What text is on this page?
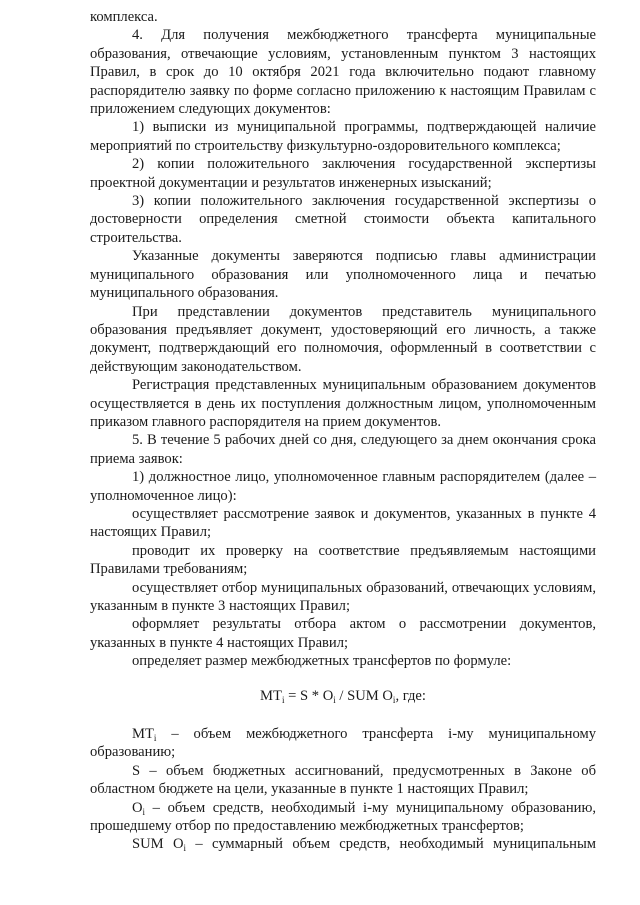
комплекса.

4. Для получения межбюджетного трансферта муниципальные образования, отвечающие условиям, установленным пунктом 3 настоящих Правил, в срок до 10 октября 2021 года включительно подают главному распорядителю заявку по форме согласно приложению к настоящим Правилам с приложением следующих документов:

1) выписки из муниципальной программы, подтверждающей наличие мероприятий по строительству физкультурно-оздоровительного комплекса;

2) копии положительного заключения государственной экспертизы проектной документации и результатов инженерных изысканий;

3) копии положительного заключения государственной экспертизы о достоверности определения сметной стоимости объекта капитального строительства.

Указанные документы заверяются подписью главы администрации муниципального образования или уполномоченного лица и печатью муниципального образования.

При представлении документов представитель муниципального образования предъявляет документ, удостоверяющий его личность, а также документ, подтверждающий его полномочия, оформленный в соответствии с действующим законодательством.

Регистрация представленных муниципальным образованием документов осуществляется в день их поступления должностным лицом, уполномоченным приказом главного распорядителя на прием документов.

5. В течение 5 рабочих дней со дня, следующего за днем окончания срока приема заявок:

1) должностное лицо, уполномоченное главным распорядителем (далее – уполномоченное лицо):

осуществляет рассмотрение заявок и документов, указанных в пункте 4 настоящих Правил;

проводит их проверку на соответствие предъявляемым настоящими Правилами требованиям;

осуществляет отбор муниципальных образований, отвечающих условиям, указанным в пункте 3 настоящих Правил;

оформляет результаты отбора актом о рассмотрении документов, указанных в пункте 4 настоящих Правил;

определяет размер межбюджетных трансфертов по формуле:

$МТ_i = S * O_i$ / SUM $O_i$, где:

$МТ_i$ – объем межбюджетного трансферта i-му муниципальному образованию;

S – объем бюджетных ассигнований, предусмотренных в Законе об областном бюджете на цели, указанные в пункте 1 настоящих Правил;

$O_i$ – объем средств, необходимый i-му муниципальному образованию, прошедшему отбор по предоставлению межбюджетных трансфертов;

SUM $O_i$ – суммарный объем средств, необходимый муниципальным
